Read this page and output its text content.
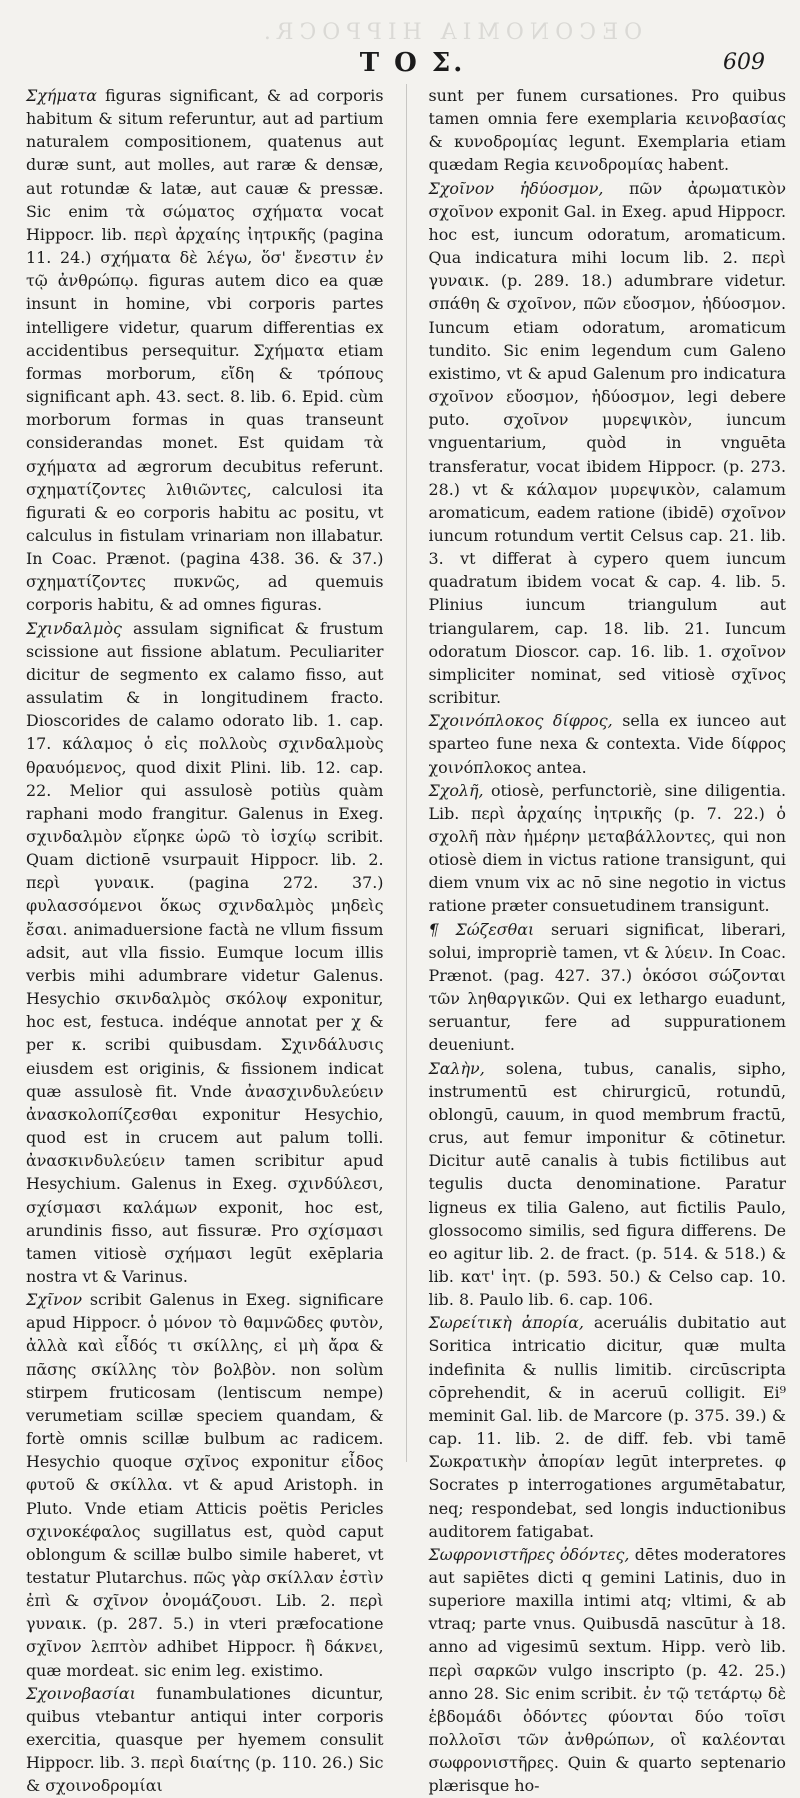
OECONOMIA HIPPOCR.
T O Σ.	609

Σχήματα figuras significant, & ad corporis habitum & situm referuntur, aut ad partium naturalem compositionem, quatenus aut duræ sunt, aut molles, aut raræ & densæ, aut rotundæ & latæ, aut cauæ & pressæ. Sic enim τὰ σώματος σχήματα vocat Hippocr. lib. περὶ ἀρχαίης ἰητρικῆς (pagina 11. 24.) σχήματα δὲ λέγω, ὅσ' ἔνεστιν ἐν τῷ ἀνθρώπῳ. figuras autem dico ea quæ insunt in homine, vbi corporis partes intelligere videtur, quarum differentias ex accidentibus persequitur. Σχήματα etiam formas morborum, εἴδη & τρόπους significant aph. 43. sect. 8. lib. 6. Epid. cùm morborum formas in quas transeunt considerandas monet. Est quidam τὰ σχήματα ad ægrorum decubitus referunt. σχηματίζοντες λιθιῶντες, calculosi ita figurati & eo corporis habitu ac positu, vt calculus in fistulam vrinariam non illabatur. In Coac. Prænot. (pagina 438. 36. & 37.) σχηματίζοντες πυκνῶς, ad quemuis corporis habitu, & ad omnes figuras.

Σχινδαλμὸς assulam significat & frustum scissione aut fissione ablatum. Peculiariter dicitur de segmento ex calamo fisso, aut assulatim & in longitudinem fracto. Dioscorides de calamo odorato lib. 1. cap. 17. κάλαμος ὁ εἰς πολλοὺς σχινδαλμοὺς θραυόμενος, quod dixit Plini. lib. 12. cap. 22. Melior qui assulosè potiùs quàm raphani modo frangitur. Galenus in Exeg. σχινδαλμὸν εἴρηκε ὡρῶ τὸ ἰσχίῳ scribit. Quam dictionē vsurpauit Hippocr. lib. 2. περὶ γυναικ. (pagina 272. 37.) φυλασσόμενοι ὅκως σχινδαλμὸς μηδεὶς ἔσαι. animaduersione factà ne vllum fissum adsit, aut vlla fissio. Eumque locum illis verbis mihi adumbrare videtur Galenus. Hesychio σκινδαλμὸς σκόλοψ exponitur, hoc est, festuca. indéque annotat per χ & per κ. scribi quibusdam. Σχινδάλυσις eiusdem est originis, & fissionem indicat quæ assulosè fit. Vnde ἀνασχινδυλεύειν ἀνασκολοπίζεσθαι exponitur Hesychio, quod est in crucem aut palum tolli. ἀνασκινδυλεύειν tamen scribitur apud Hesychium. Galenus in Exeg. σχινδύλεσι, σχίσμασι καλάμων exponit, hoc est, arundinis fisso, aut fissuræ. Pro σχίσμασι tamen vitiosè σχήμασι legūt exēplaria nostra vt & Varinus.

Σχῖνον scribit Galenus in Exeg. significare apud Hippocr. ὁ μόνον τὸ θαμνῶδες φυτὸν, ἀλλὰ καὶ εἶδός τι σκίλλης, εἰ μὴ ἄρα & πᾶσης σκίλλης τὸν βολβὸν. non solùm stirpem fruticosam (lentiscum nempe) verumetiam scillæ speciem quandam, & fortè omnis scillæ bulbum ac radicem. Hesychio quoque σχῖνος exponitur εἶδος φυτοῦ & σκίλλα. vt & apud Aristoph. in Pluto. Vnde etiam Atticis poëtis Pericles σχινοκέφαλος sugillatus est, quòd caput oblongum & scillæ bulbo simile haberet, vt testatur Plutarchus. πῶς γὰρ σκίλλαν ἐστὶν ἐπὶ & σχῖνον ὀνομάζουσι. Lib. 2. περὶ γυναικ. (p. 287. 5.) in vteri præfocatione σχῖνον λεπτὸν adhibet Hippocr. ἢ δάκνει, quæ mordeat. sic enim leg. existimo.

Σχοινοβασίαι funambulationes dicuntur, quibus vtebantur antiqui inter corporis exercitia, quasque per hyemem consulit Hippocr. lib. 3. περὶ διαίτης (p. 110. 26.) Sic & σχοινοδρομίαι

sunt per funem cursationes. Pro quibus tamen omnia fere exemplaria κεινοβασίας & κυνοδρομίας legunt. Exemplaria etiam quædam Regia κεινοδρομίας habent.

Σχοῖνον ἡδύοσμον, πῶν ἀρωματικὸν σχοῖνον exponit Gal. in Exeg. apud Hippocr. hoc est, iuncum odoratum, aromaticum. Qua indicatura mihi locum lib. 2. περὶ γυναικ. (p. 289. 18.) adumbrare videtur. σπάθη & σχοῖνον, πῶν εὔοσμον, ἡδύοσμον. Iuncum etiam odoratum, aromaticum tundito. Sic enim legendum cum Galeno existimo, vt & apud Galenum pro indicatura σχοῖνον εὔοσμον, ἡδύοσμον, legi debere puto. σχοῖνον μυρεψικὸν, iuncum vnguentarium, quòd in vnguēta transferatur, vocat ibidem Hippocr. (p. 273. 28.) vt & κάλαμον μυρεψικὸν, calamum aromaticum, eadem ratione (ibidē) σχοῖνον iuncum rotundum vertit Celsus cap. 21. lib. 3. vt differat à cypero quem iuncum quadratum ibidem vocat & cap. 4. lib. 5. Plinius iuncum triangulum aut triangularem, cap. 18. lib. 21. Iuncum odoratum Dioscor. cap. 16. lib. 1. σχοῖνον simpliciter nominat, sed vitiosè σχῖνος scribitur.

Σχοινόπλοκος δίφρος, sella ex iunceo aut sparteo fune nexa & contexta. Vide δίφρος χοινόπλοκος antea.

Σχολῆ, otiosè, perfunctoriè, sine diligentia. Lib. περὶ ἀρχαίης ἰητρικῆς (p. 7. 22.) ὁ σχολῆ πὰν ἡμέρην μεταβάλλοντες, qui non otiosè diem in victus ratione transigunt, qui diem vnum vix ac nō sine negotio in victus ratione præter consuetudinem transigunt.

¶ Σώζεσθαι seruari significat, liberari, solui, impropriè tamen, vt & λύειν. In Coac. Prænot. (pag. 427. 37.) ὁκόσοι σώζονται τῶν ληθαργικῶν. Qui ex lethargo euadunt, seruantur, fere ad suppurationem deueniunt.

Σαλὴν, solena, tubus, canalis, sipho, instrumentū est chirurgicū, rotundū, oblongū, cauum, in quod membrum fractū, crus, aut femur imponitur & cōtinetur. Dicitur autē canalis à tubis fictilibus aut tegulis ducta denominatione. Paratur ligneus ex tilia Galeno, aut fictilis Paulo, glossocomo similis, sed figura differens. De eo agitur lib. 2. de fract. (p. 514. & 518.) & lib. κατ' ἰητ. (p. 593. 50.) & Celso cap. 10. lib. 8. Paulo lib. 6. cap. 106.

Σωρείτικὴ ἀπορία, aceruális dubitatio aut Soritica intricatio dicitur, quæ multa indefinita & nullis limitib. circūscripta cōprehendit, & in aceruū colligit. Ei⁹ meminit Gal. lib. de Marcore (p. 375. 39.) & cap. 11. lib. 2. de diff. feb. vbi tamē Σωκρατικὴν ἀπορίαν legūt interpretes. φ Socrates p interrogationes argumētabatur, neq; respondebat, sed longis inductionibus auditorem fatigabat.

Σωφρονιστῆρες ὀδόντες, dētes moderatores aut sapiētes dicti q gemini Latinis, duo in superiore maxilla intimi atq; vltimi, & ab vtraq; parte vnus. Quibusdā nascūtur à 18. anno ad vigesimū sextum. Hipp. verò lib. περὶ σαρκῶν vulgo inscripto (p. 42. 25.) anno 28. Sic enim scribit. ἐν τῷ τετάρτῳ δὲ ἑβδομάδι ὀδόντες φύονται δύο τοῖσι πολλοῖσι τῶν ἀνθρώπων, οἳ καλέονται σωφρονιστῆρες. Quin & quarto septenario plærisque ho-
